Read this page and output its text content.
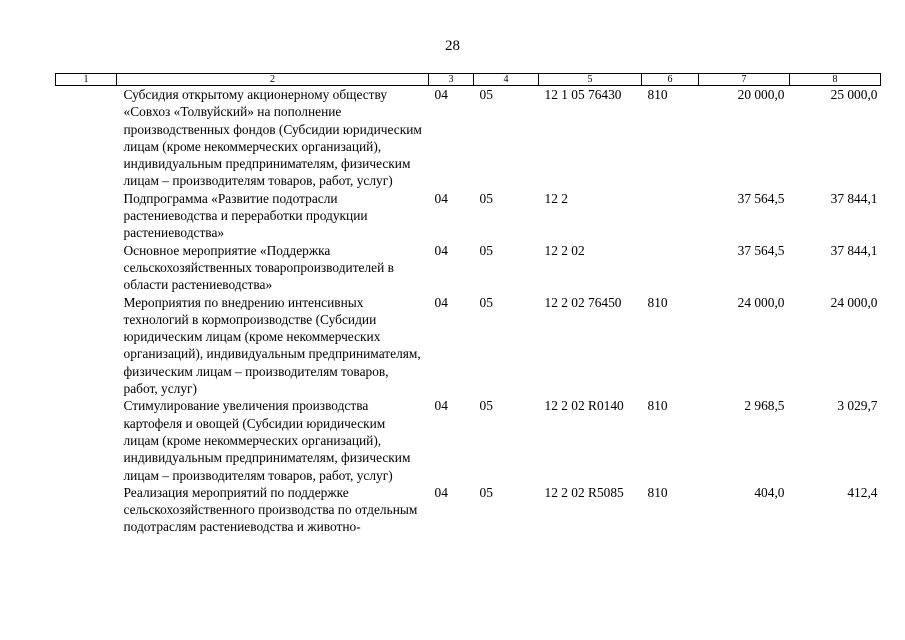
28
1	2	3	4	5	6	7	8
	Субсидия открытому акционерному обществу «Совхоз «Толвуйский» на пополнение производственных фондов (Субсидии юридическим лицам (кроме некоммерческих организаций), индивидуальным предпринимателям, физическим лицам – производителям товаров, работ, услуг)	04	05	12 1 05 76430	810	20 000,0	25 000,0
	Подпрограмма «Развитие подотрасли растениеводства и переработки продукции растениеводства»	04	05	12 2		37 564,5	37 844,1
	Основное мероприятие «Поддержка сельскохозяйственных товаропроизводителей в области растениеводства»	04	05	12 2 02		37 564,5	37 844,1
	Мероприятия по внедрению интенсивных технологий в кормопроизводстве (Субсидии юридическим лицам (кроме некоммерческих организаций), индивидуальным предпринимателям, физическим лицам – производителям товаров, работ, услуг)	04	05	12 2 02 76450	810	24 000,0	24 000,0
	Стимулирование увеличения производства картофеля и овощей (Субсидии юридическим лицам (кроме некоммерческих организаций), индивидуальным предпринимателям, физическим лицам – производителям товаров, работ, услуг)	04	05	12 2 02 R0140	810	2 968,5	3 029,7
	Реализация мероприятий по поддержке сельскохозяйственного производства по отдельным подотраслям растениеводства и животно-	04	05	12 2 02 R5085	810	404,0	412,4
